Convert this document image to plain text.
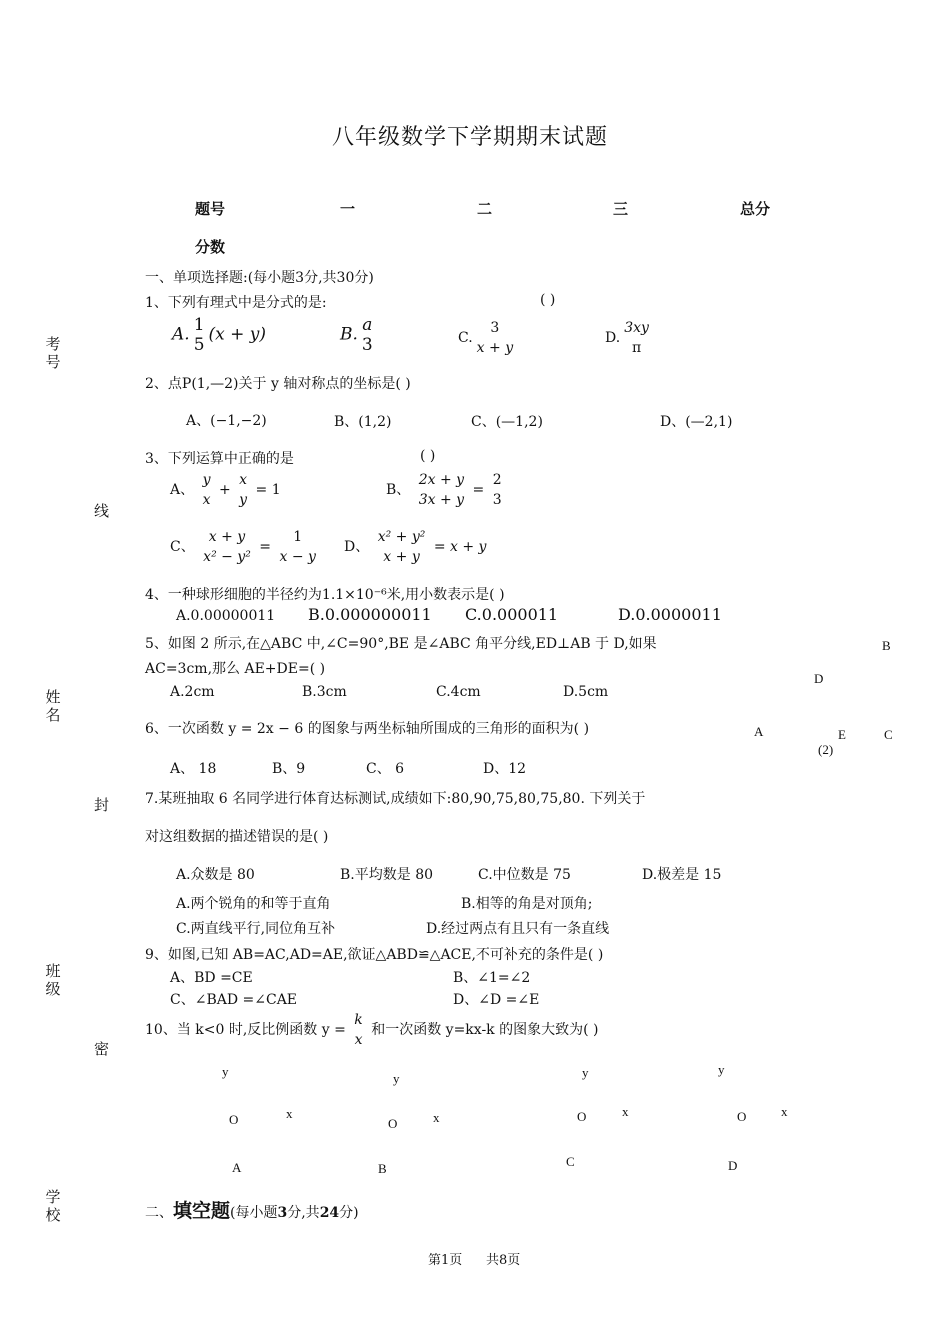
八年级数学下学期期末试题
题号	一	二	三	总分
分数
考号
线
姓名
封
班级
密
学校
一、单项选择题:(每小题3分,共30分)
1、下列有理式中是分式的是:	( )
A. 1
5
(x + y)	B. a
3	C.
3
x + y
D.
3xy
π
2、点P(1,—2)关于 y 轴对称点的坐标是( )
A、(−1,−2)	B、(1,2)	C、(—1,2)	D、(—2,1)
3、下列运算中正确的是	( )
A、
y
x
+
x
y
= 1	B、
2x + y
3x + y
=
2
3
C、
x + y
x² − y²
=
1
x − y
D、
x² + y²
x + y
= x + y
4、一种球形细胞的半径约为1.1×10⁻⁶米,用小数表示是( )
A.0.00000011 B.0.000000011 C.0.000011	D.0.0000011
5、如图 2 所示,在△ABC 中,∠C=90°,BE 是∠ABC 角平分线,ED⊥AB 于 D,如果
AC=3cm,那么 AE+DE=( )
A.2cm	B.3cm	C.4cm	D.5cm
B
D
A	E	C
(2)
6、一次函数 y = 2x − 6 的图象与两坐标轴所围成的三角形的面积为( )
A、 18	B、9	C、 6	D、12
7.某班抽取 6 名同学进行体育达标测试,成绩如下:80,90,75,80,75,80. 下列关于
对这组数据的描述错误的是( )
A.众数是 80	B.平均数是 80	C.中位数是 75	D.极差是 15
A.两个锐角的和等于直角	B.相等的角是对顶角;
C.两直线平行,同位角互补	D.经过两点有且只有一条直线
9、如图,已知 AB=AC,AD=AE,欲证△ABD≌△ACE,不可补充的条件是( )
A、BD =CE	B、∠1=∠2
C、∠BAD =∠CAE	D、∠D =∠E
10、当 k<0 时,反比例函数 y =
k
x
和一次函数 y=kx-k 的图象大致为( )
y
O	x
A
y
O	x
B
y
O	x
C
y
O	x
D
二、填空题(每小题3分,共24分)
第1页 共8页
